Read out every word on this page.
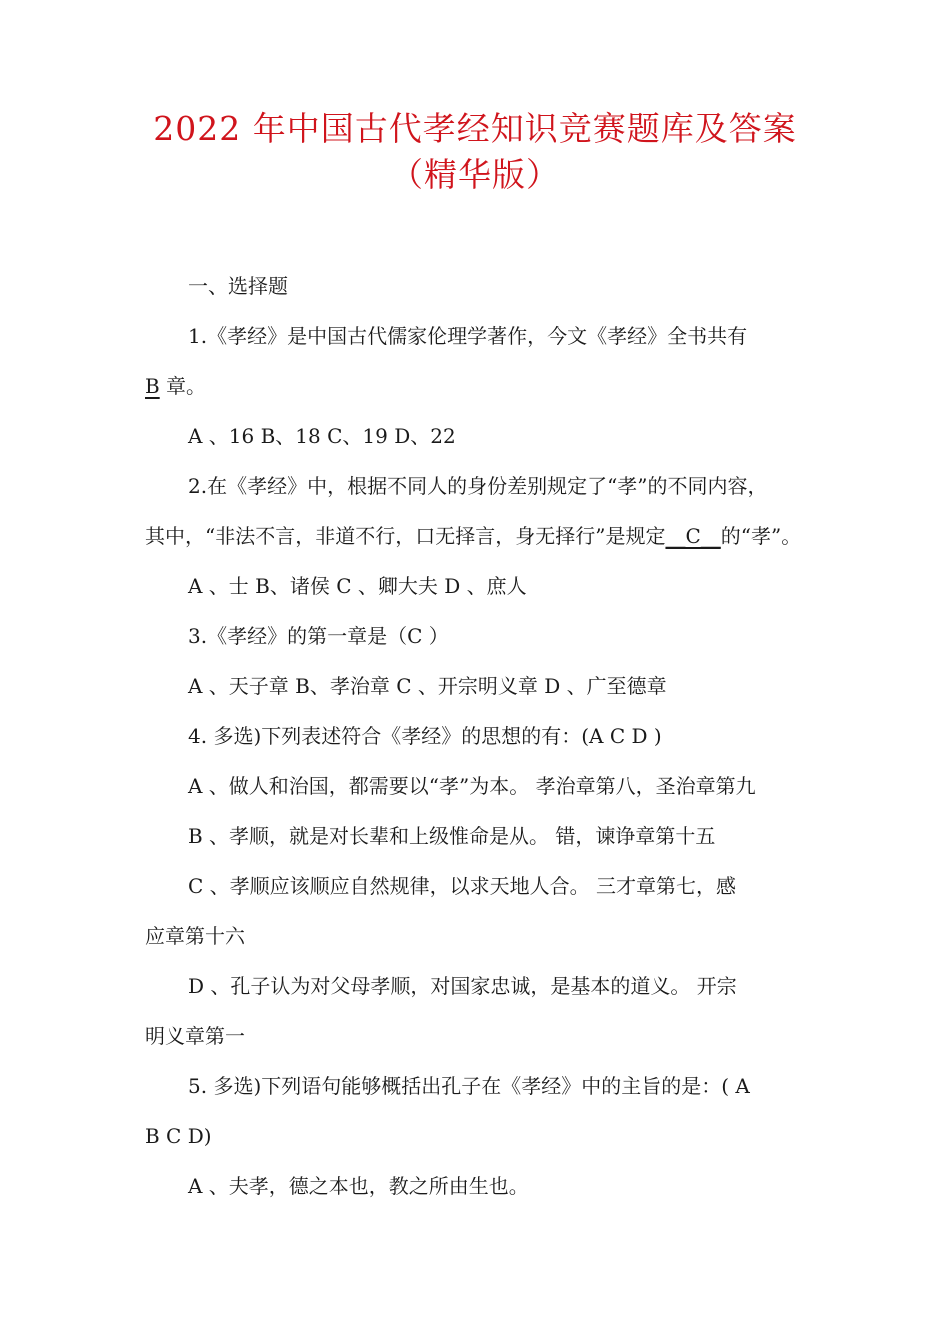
2022 年中国古代孝经知识竞赛题库及答案
（精华版）

一、选择题

1.《孝经》是中国古代儒家伦理学著作，今文《孝经》全书共有

B 章。

A 、16 B、18 C、19 D、22

2.在《孝经》中，根据不同人的身份差别规定了“孝”的不同内容，

其中，“非法不言，非道不行，口无择言，身无择行”是规定__C__的“孝”。

A 、士 B、诸侯 C 、卿大夫 D 、庶人

3.《孝经》的第一章是（C ）

A 、天子章 B、孝治章 C 、开宗明义章 D 、广至德章

4. 多选)下列表述符合《孝经》的思想的有：(A C D )

A 、做人和治国，都需要以“孝”为本。 孝治章第八，圣治章第九

B 、孝顺，就是对长辈和上级惟命是从。 错，谏诤章第十五

C 、孝顺应该顺应自然规律，以求天地人合。 三才章第七，感

应章第十六

D 、孔子认为对父母孝顺，对国家忠诚，是基本的道义。 开宗

明义章第一

5. 多选)下列语句能够概括出孔子在《孝经》中的主旨的是：( A

B C D)

A 、夫孝，德之本也，教之所由生也。
